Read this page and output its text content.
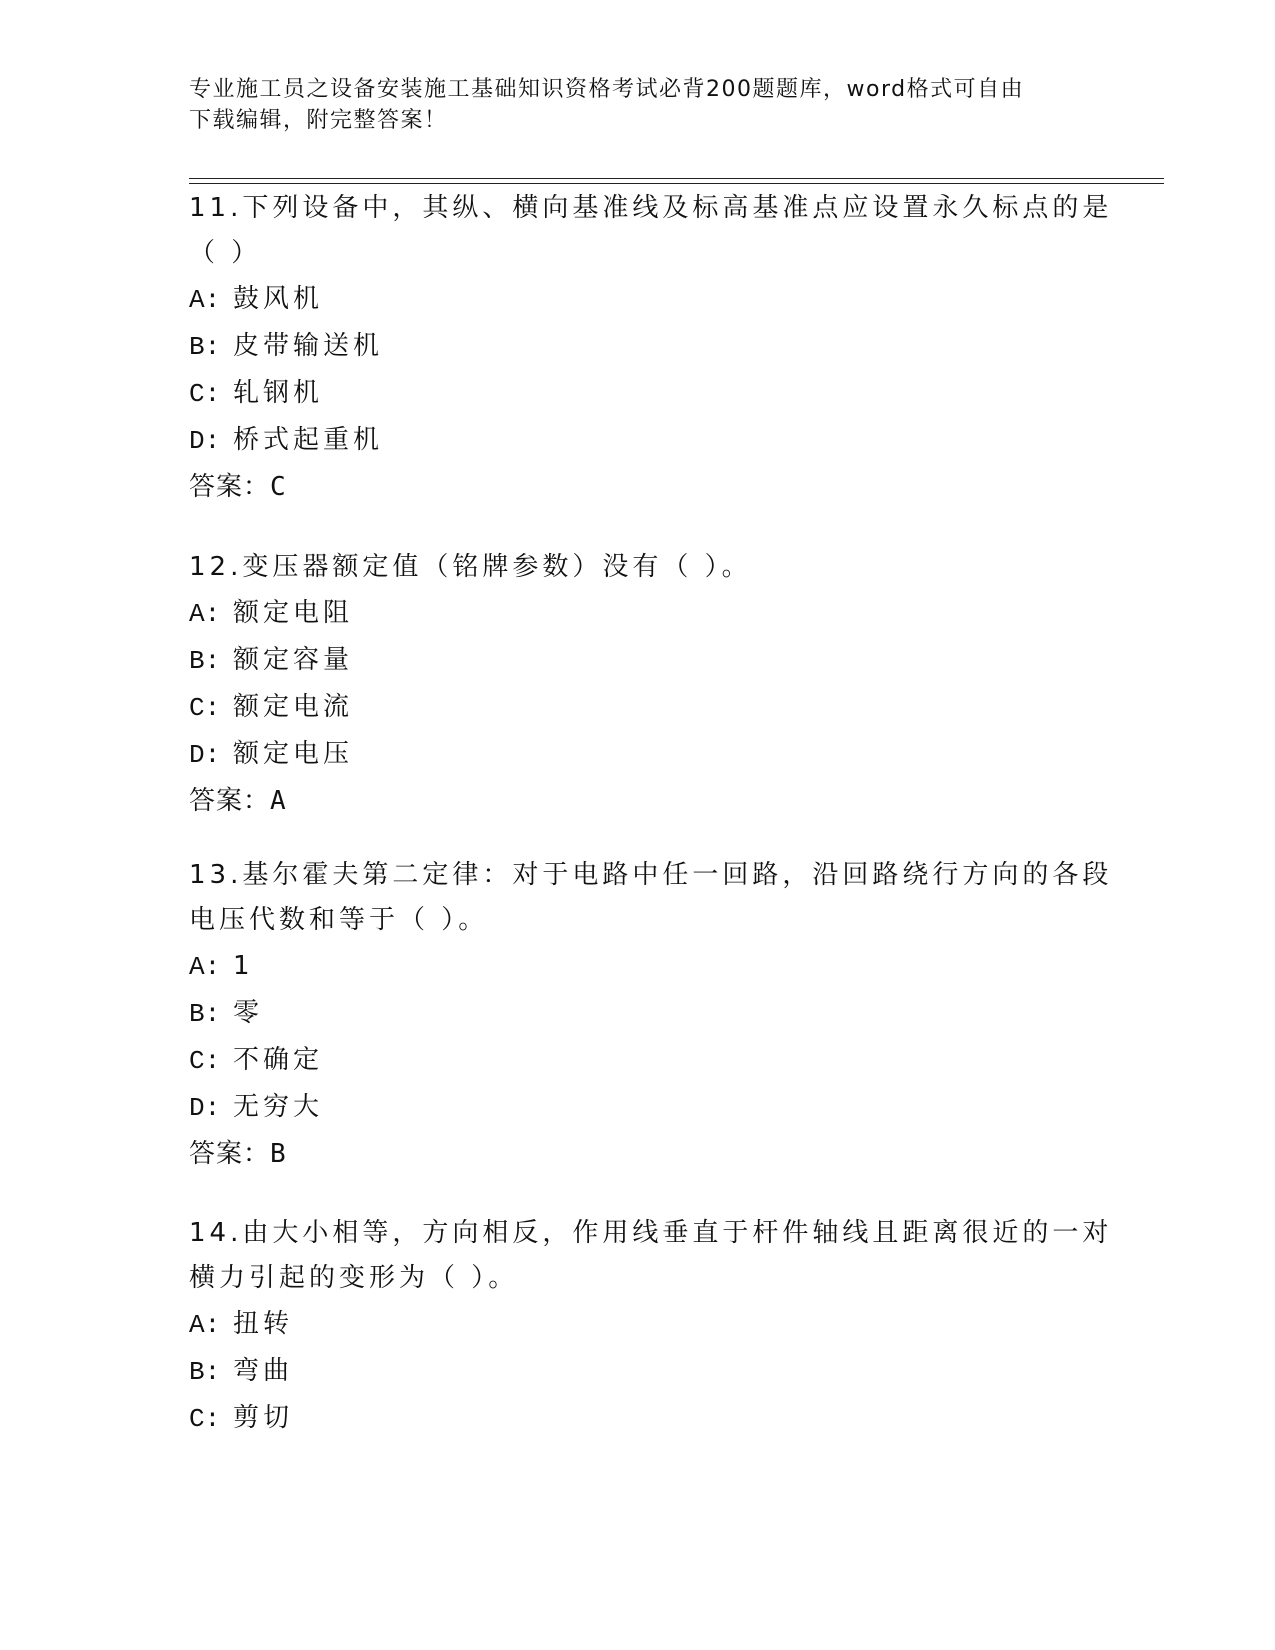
专业施工员之设备安装施工基础知识资格考试必背200题题库，word格式可自由
下载编辑，附完整答案！
11.下列设备中，其纵、横向基准线及标高基准点应设置永久标点的是
（ ）
A: 鼓风机
B: 皮带输送机
C: 轧钢机
D: 桥式起重机
答案：C
12.变压器额定值（铭牌参数）没有（ ）。
A: 额定电阻
B: 额定容量
C: 额定电流
D: 额定电压
答案：A
13.基尔霍夫第二定律：对于电路中任一回路，沿回路绕行方向的各段
电压代数和等于（ ）。
A: 1
B: 零
C: 不确定
D: 无穷大
答案：B
14.由大小相等，方向相反，作用线垂直于杆件轴线且距离很近的一对
横力引起的变形为（ ）。
A: 扭转
B: 弯曲
C: 剪切
